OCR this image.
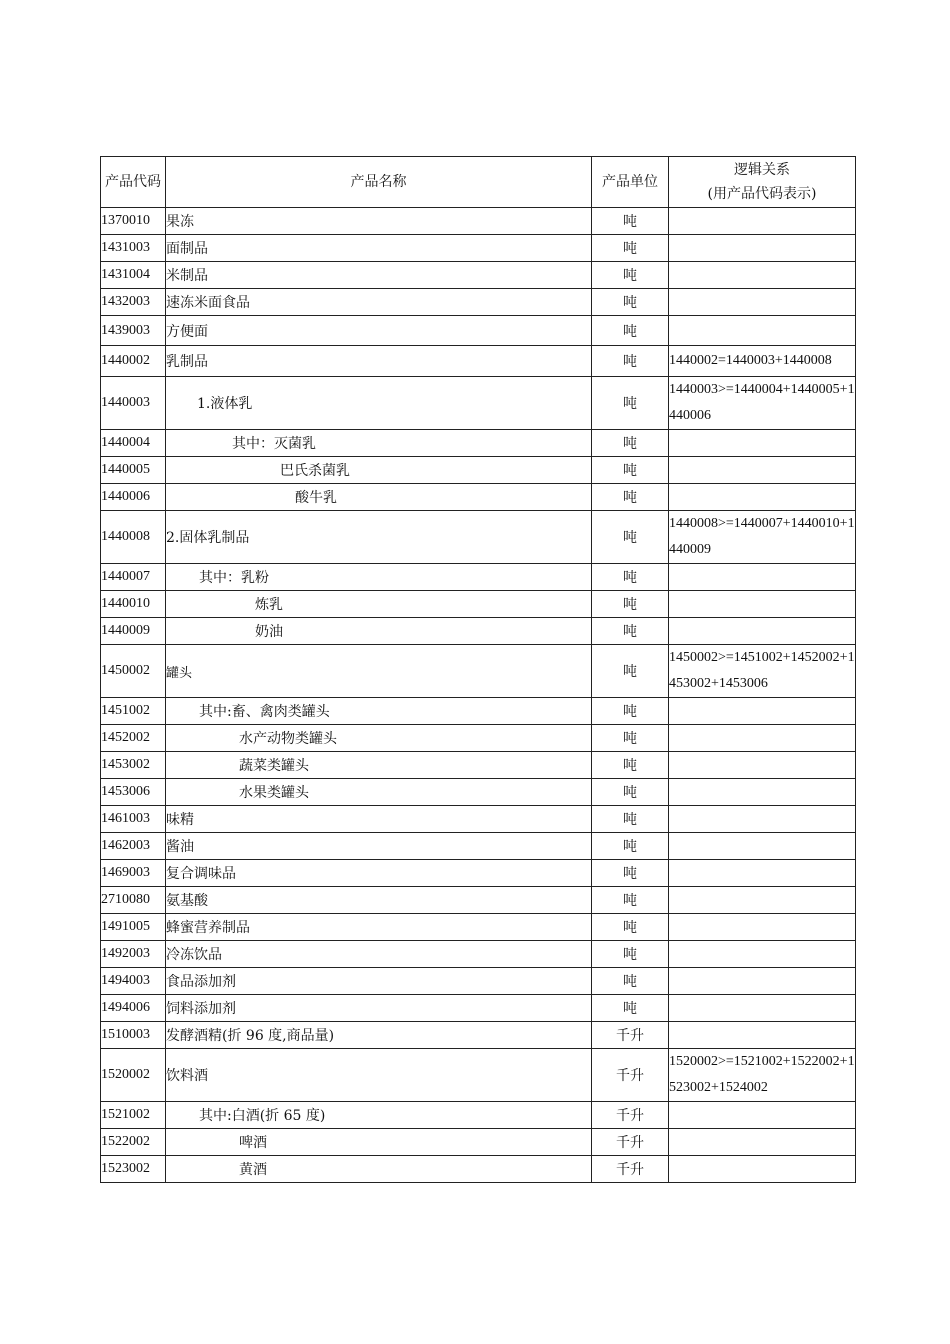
产品代码	产品名称	产品单位	逻辑关系
(用产品代码表示)
1370010	果冻	吨	
1431003	面制品	吨	
1431004	米制品	吨	
1432003	速冻米面食品	吨	
1439003	方便面	吨	
1440002	乳制品	吨	1440002=1440003+1440008
1440003	1.液体乳	吨	1440003>=1440004+1440005+1440006
1440004	其中：灭菌乳	吨	
1440005	巴氏杀菌乳	吨	
1440006	酸牛乳	吨	
1440008	2.固体乳制品	吨	1440008>=1440007+1440010+1440009
1440007	其中：乳粉	吨	
1440010	炼乳	吨	
1440009	奶油	吨	
1450002	罐头	吨	1450002>=1451002+1452002+1453002+1453006
1451002	其中:畜、禽肉类罐头	吨	
1452002	水产动物类罐头	吨	
1453002	蔬菜类罐头	吨	
1453006	水果类罐头	吨	
1461003	味精	吨	
1462003	酱油	吨	
1469003	复合调味品	吨	
2710080	氨基酸	吨	
1491005	蜂蜜营养制品	吨	
1492003	冷冻饮品	吨	
1494003	食品添加剂	吨	
1494006	饲料添加剂	吨	
1510003	发酵酒精(折 96 度,商品量)	千升	
1520002	饮料酒	千升	1520002>=1521002+1522002+1523002+1524002
1521002	其中:白酒(折 65 度)	千升	
1522002	啤酒	千升	
1523002	黄酒	千升	
